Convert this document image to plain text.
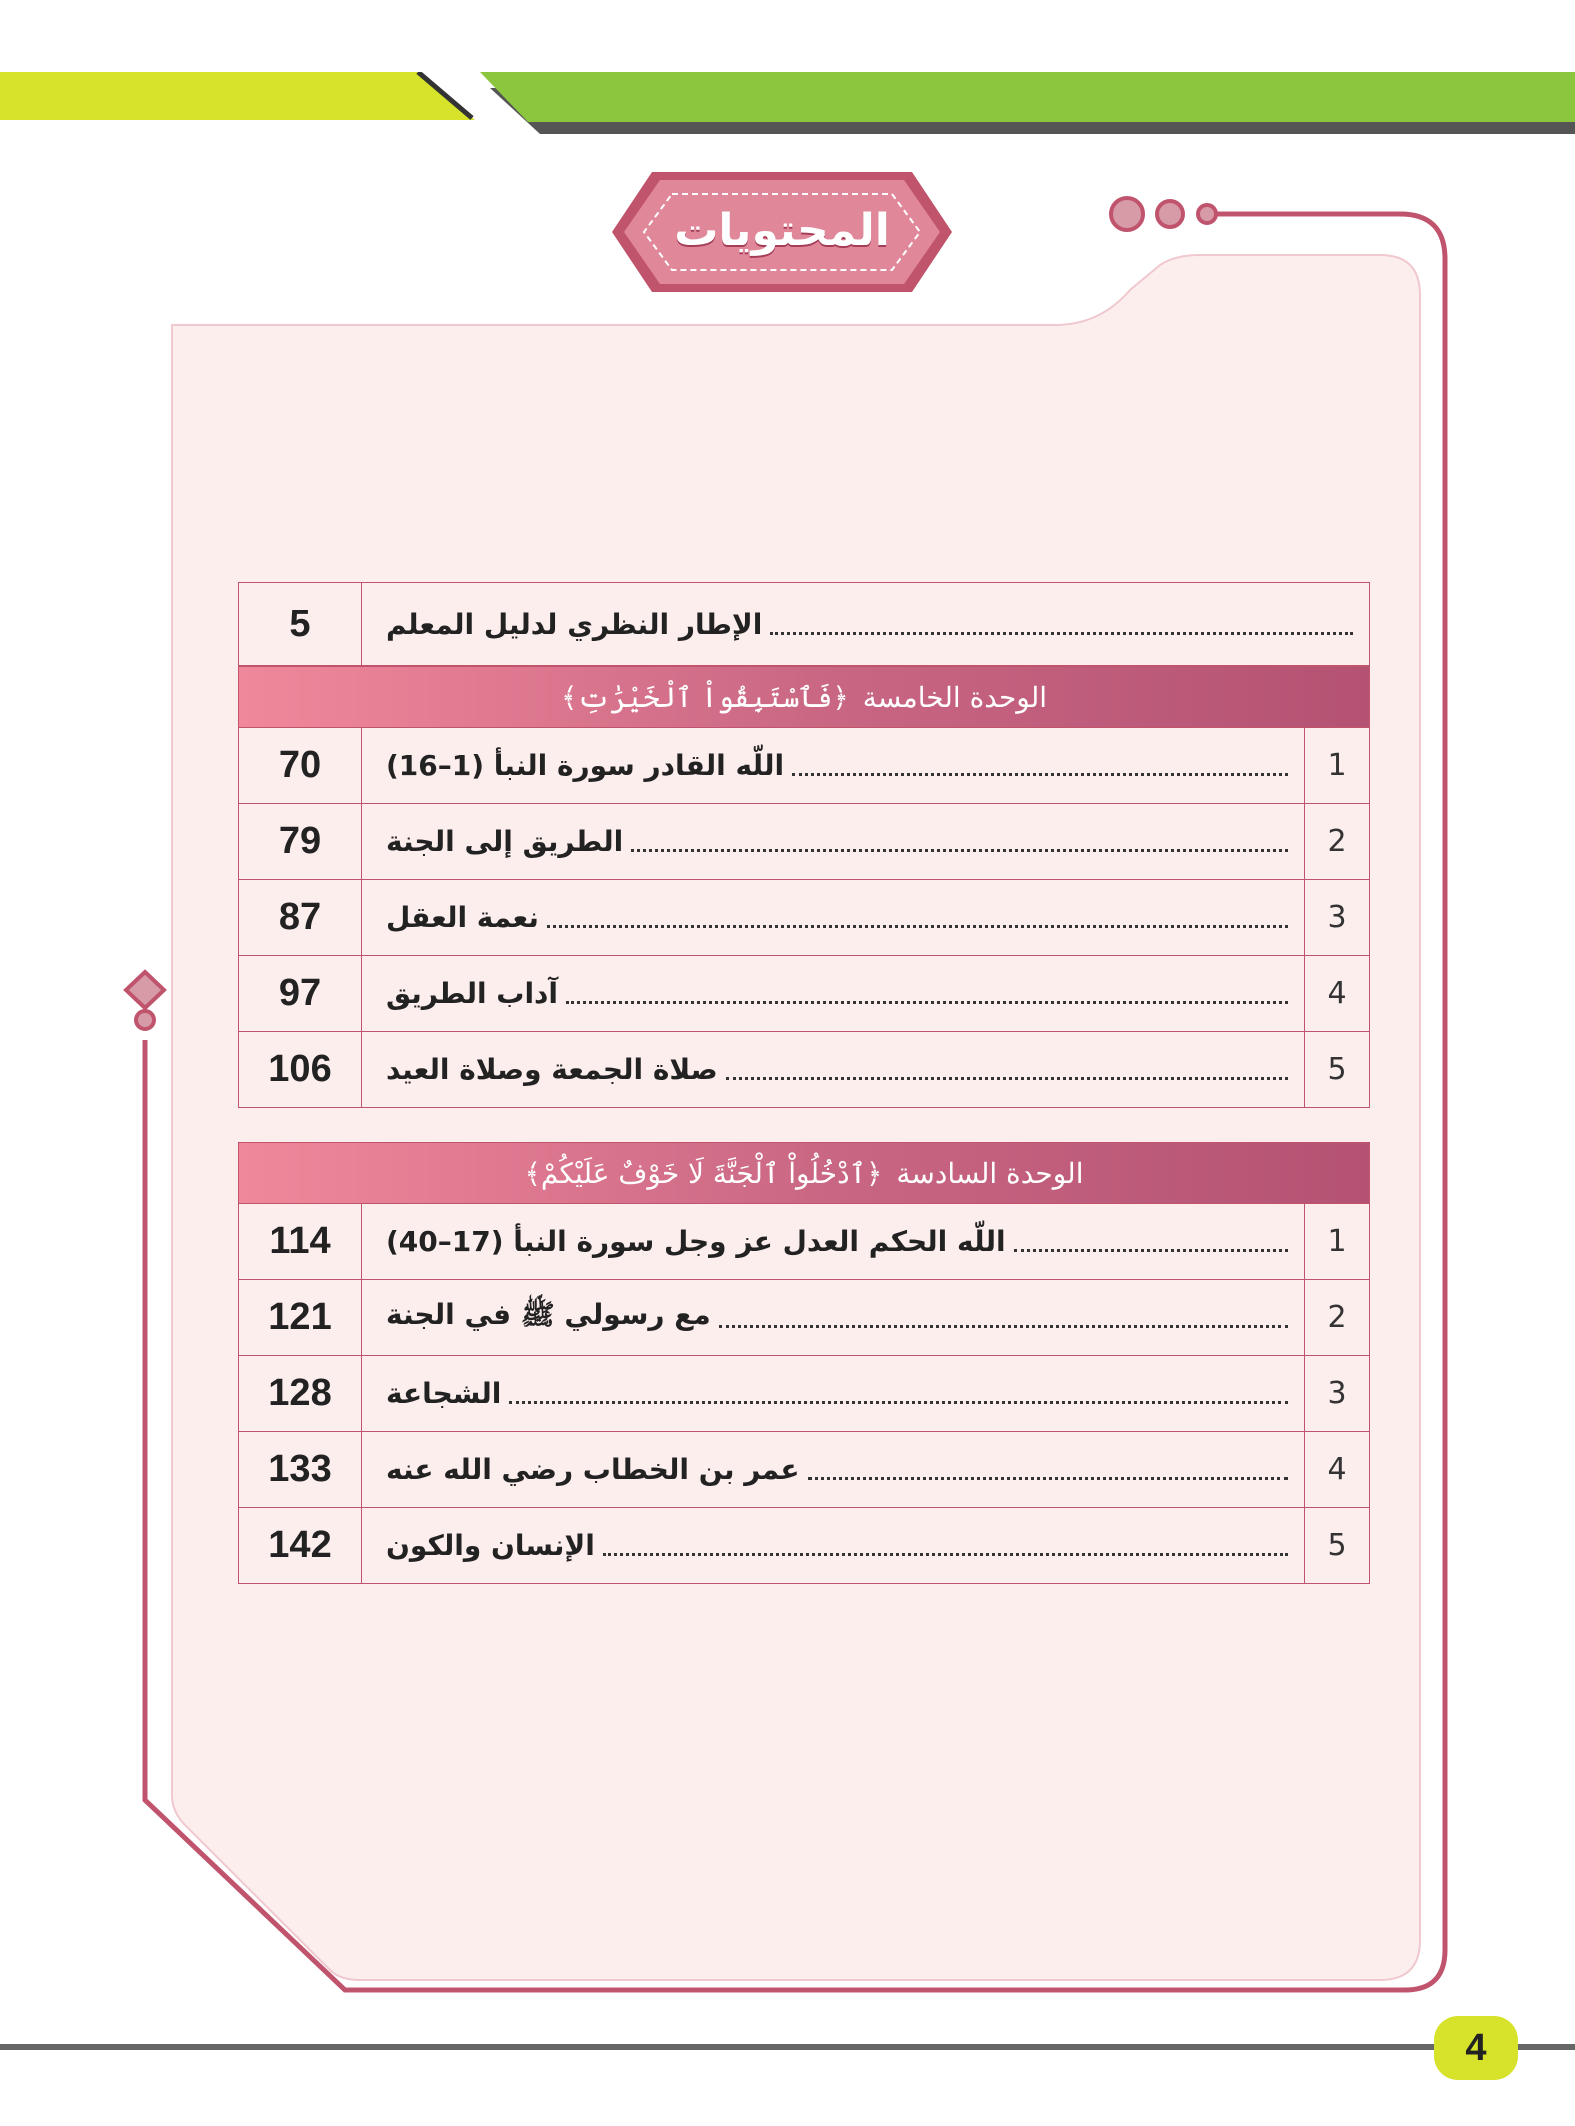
المحتويات
الإطار النظري لدليل المعلم
5
الوحدة الخامسة
﴿فَٱسْتَبِقُواْ ٱلْخَيْرَٰتِ﴾
1
اللّه القادر سورة النبأ (1–16)
70
2
الطريق إلى الجنة
79
3
نعمة العقل
87
4
آداب الطريق
97
5
صلاة الجمعة وصلاة العيد
106
الوحدة السادسة
﴿ٱدْخُلُواْ ٱلْجَنَّةَ لَا خَوْفٌ عَلَيْكُمْ﴾
1
اللّه الحكم العدل عز وجل سورة النبأ (17–40)
114
2
مع رسولي ﷺ في الجنة
121
3
الشجاعة
128
4
عمر بن الخطاب رضي الله عنه
133
5
الإنسان والكون
142
4
